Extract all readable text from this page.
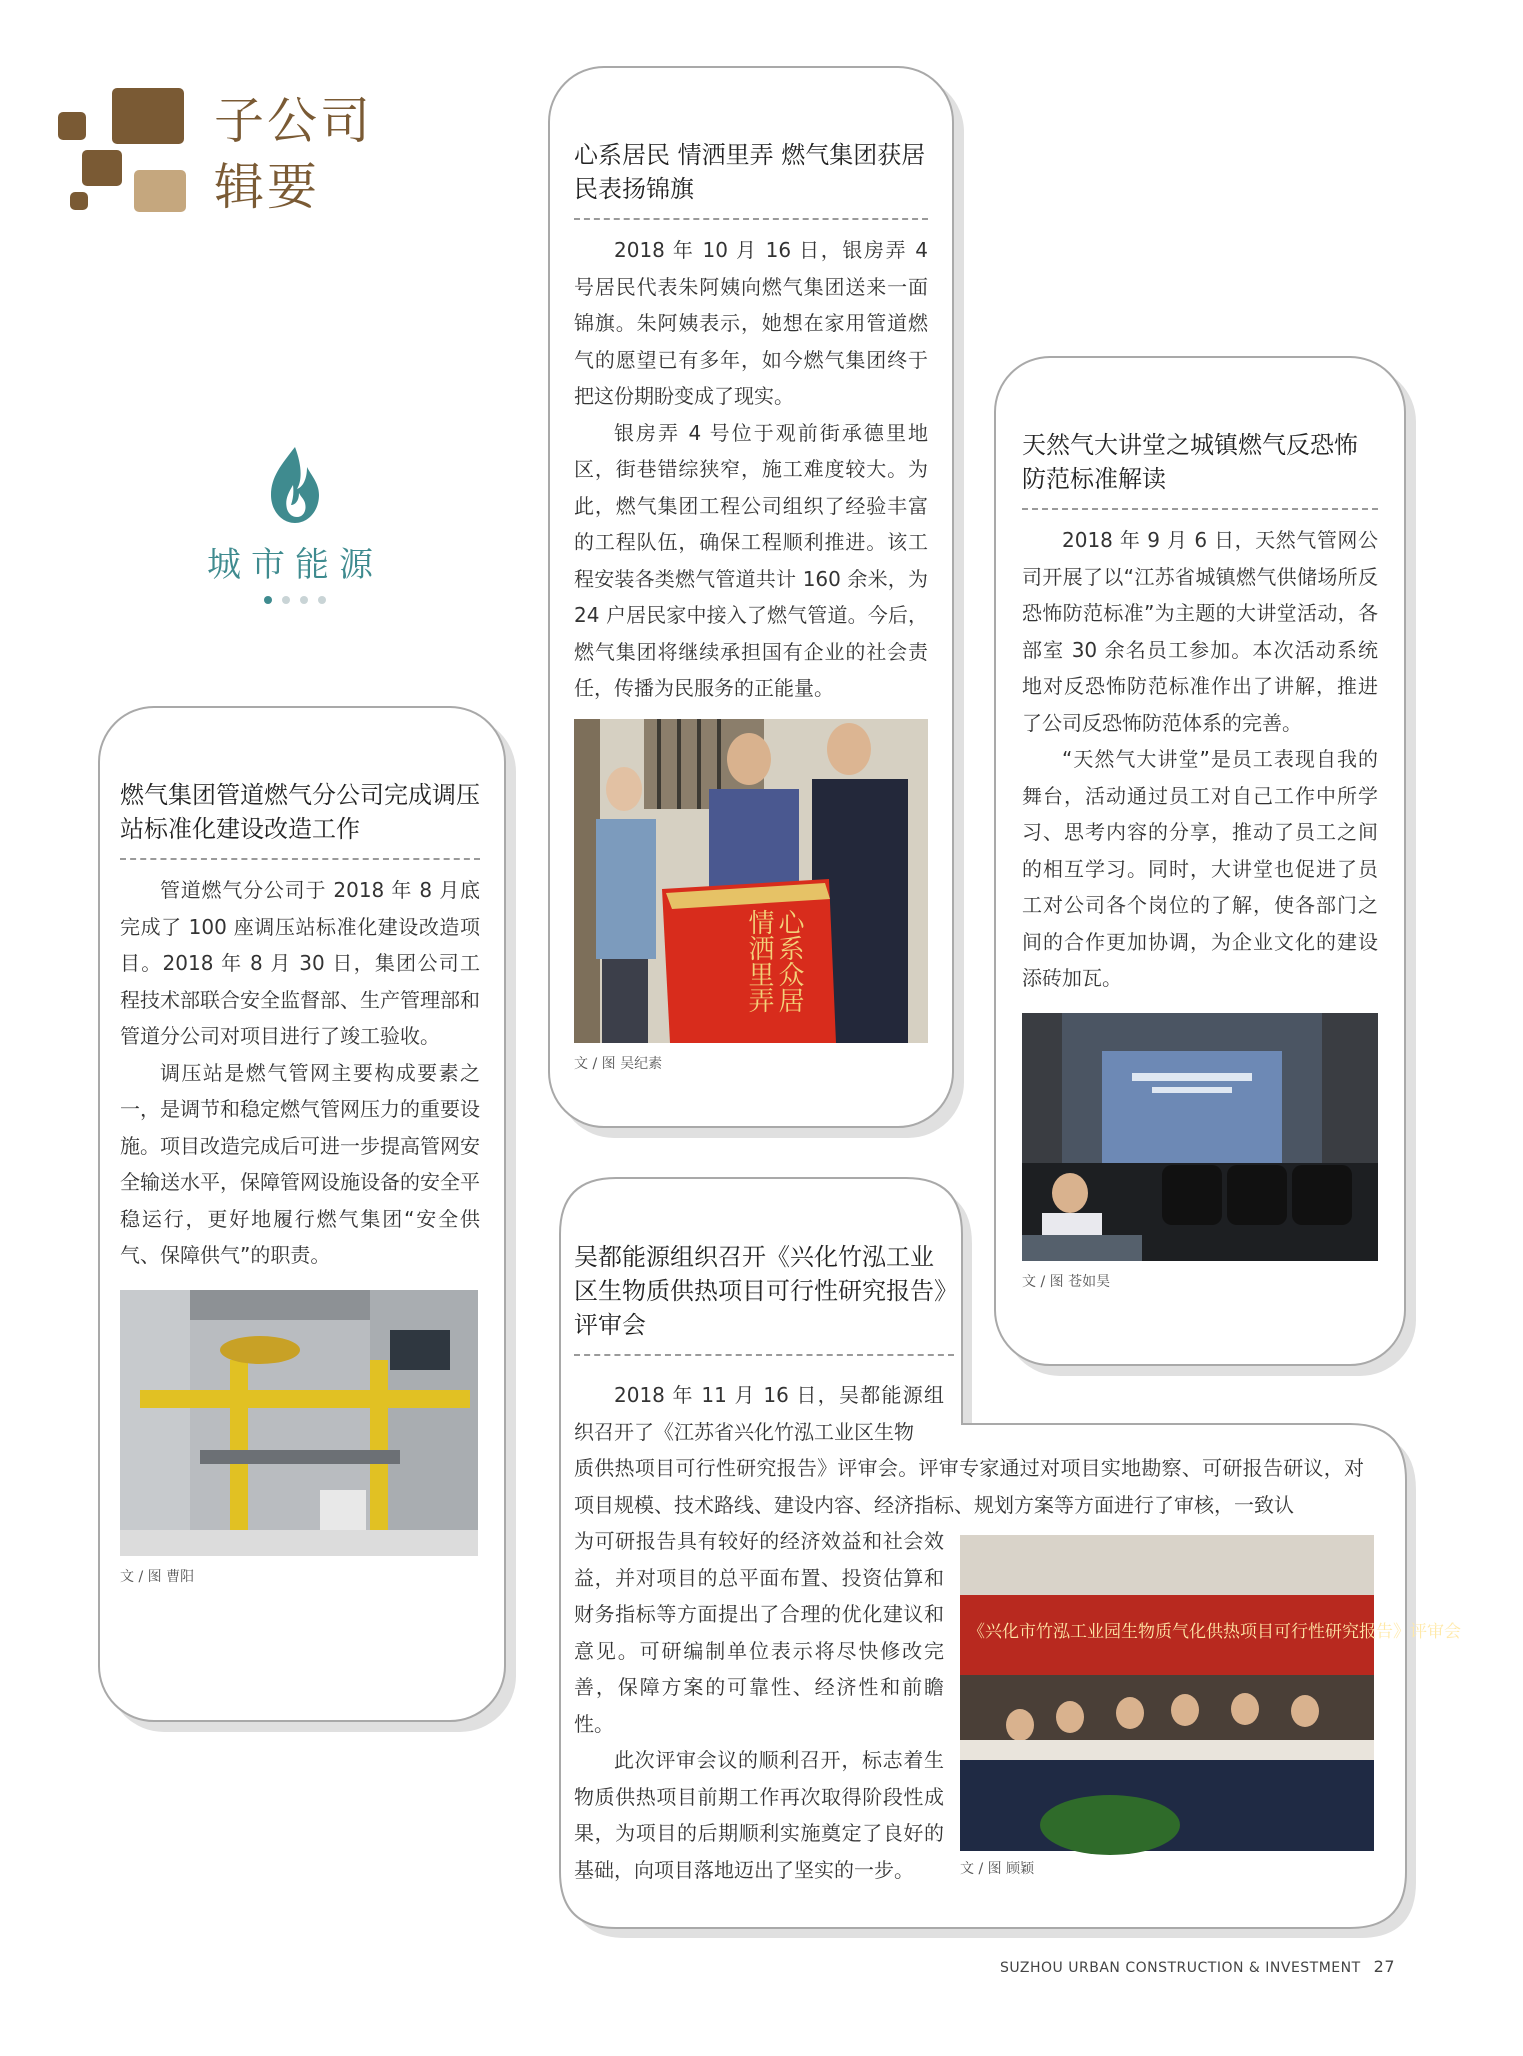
子公司
辑要
城市能源
心系居民 情洒里弄 燃气集团获居民表扬锦旗

2018 年 10 月 16 日，银房弄 4 号居民代表朱阿姨向燃气集团送来一面锦旗。朱阿姨表示，她想在家用管道燃气的愿望已有多年，如今燃气集团终于把这份期盼变成了现实。

银房弄 4 号位于观前街承德里地区，街巷错综狭窄，施工难度较大。为此，燃气集团工程公司组织了经验丰富的工程队伍，确保工程顺利推进。该工程安装各类燃气管道共计 160 余米，为 24 户居民家中接入了燃气管道。今后，燃气集团将继续承担国有企业的社会责任，传播为民服务的正能量。

心系众居 情洒里弄
文 / 图 吴纪素
天然气大讲堂之城镇燃气反恐怖防范标准解读

2018 年 9 月 6 日，天然气管网公司开展了以“江苏省城镇燃气供储场所反恐怖防范标准”为主题的大讲堂活动，各部室 30 余名员工参加。本次活动系统地对反恐怖防范标准作出了讲解，推进了公司反恐怖防范体系的完善。

“天然气大讲堂”是员工表现自我的舞台，活动通过员工对自己工作中所学习、思考内容的分享，推动了员工之间的相互学习。同时，大讲堂也促进了员工对公司各个岗位的了解，使各部门之间的合作更加协调，为企业文化的建设添砖加瓦。

文 / 图 苍如昊
燃气集团管道燃气分公司完成调压站标准化建设改造工作

管道燃气分公司于 2018 年 8 月底完成了 100 座调压站标准化建设改造项目。2018 年 8 月 30 日，集团公司工程技术部联合安全监督部、生产管理部和管道分公司对项目进行了竣工验收。

调压站是燃气管网主要构成要素之一，是调节和稳定燃气管网压力的重要设施。项目改造完成后可进一步提高管网安全输送水平，保障管网设施设备的安全平稳运行，更好地履行燃气集团“安全供气、保障供气”的职责。

文 / 图 曹阳
吴都能源组织召开《兴化竹泓工业区生物质供热项目可行性研究报告》评审会
2018 年 11 月 16 日，吴都能源组织召开了《江苏省兴化竹泓工业区生物
质供热项目可行性研究报告》评审会。评审专家通过对项目实地勘察、可研报告研议，对项目规模、技术路线、建设内容、经济指标、规划方案等方面进行了审核，一致认
为可研报告具有较好的经济效益和社会效益，并对项目的总平面布置、投资估算和财务指标等方面提出了合理的优化建议和意见。可研编制单位表示将尽快修改完善，保障方案的可靠性、经济性和前瞻性。
此次评审会议的顺利召开，标志着生物质供热项目前期工作再次取得阶段性成果，为项目的后期顺利实施奠定了良好的基础，向项目落地迈出了坚实的一步。
《兴化市竹泓工业园生物质气化供热项目可行性研究报告》评审会
文 / 图 顾颖
SUZHOU URBAN CONSTRUCTION & INVESTMENT 27
